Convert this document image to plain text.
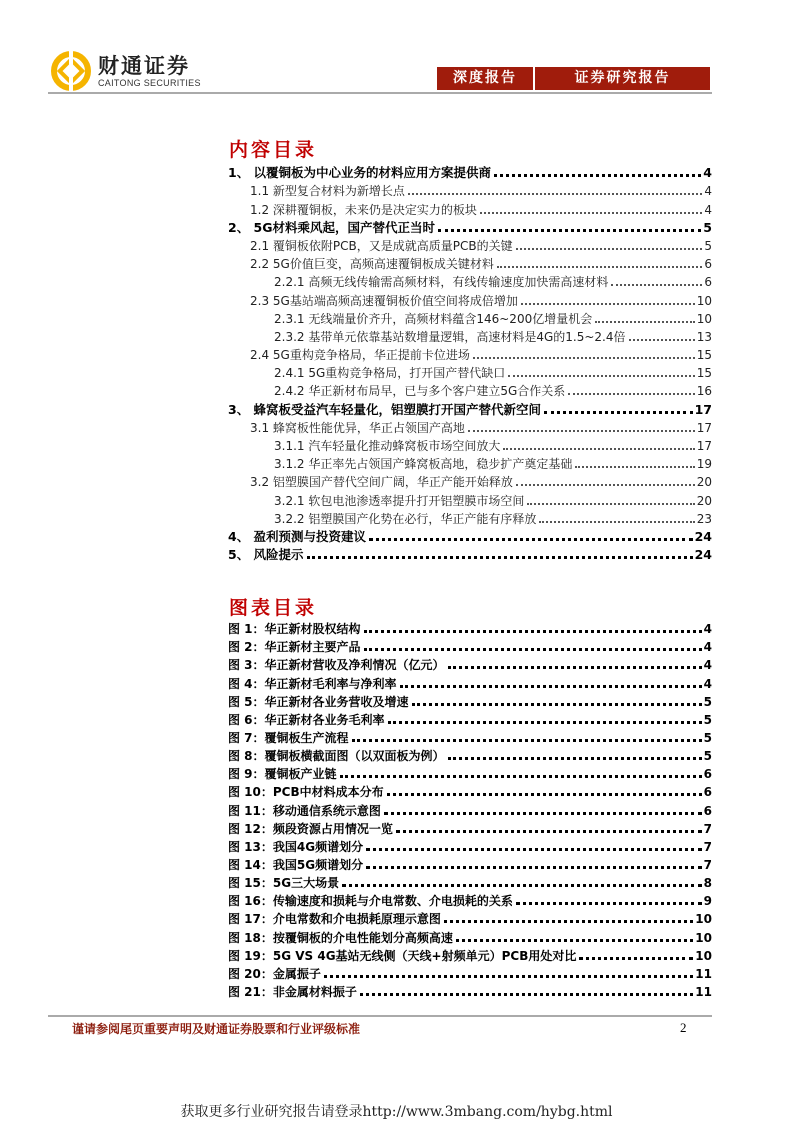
财通证券
CAITONG SECURITIES	深度报告	证券研究报告
内容目录
1、 以覆铜板为中心业务的材料应用方案提供商	4
1.1 新型复合材料为新增长点	4
1.2 深耕覆铜板，未来仍是决定实力的板块	4
2、 5G材料乘风起，国产替代正当时	5
2.1 覆铜板依附PCB，又是成就高质量PCB的关键	5
2.2 5G价值巨变，高频高速覆铜板成关键材料	6
2.2.1 高频无线传输需高频材料，有线传输速度加快需高速材料	6
2.3 5G基站端高频高速覆铜板价值空间将成倍增加	10
2.3.1 无线端量价齐升，高频材料蕴含146~200亿增量机会	10
2.3.2 基带单元依靠基站数增量逻辑，高速材料是4G的1.5~2.4倍	13
2.4 5G重构竞争格局，华正提前卡位进场	15
2.4.1 5G重构竞争格局，打开国产替代缺口	15
2.4.2 华正新材布局早，已与多个客户建立5G合作关系	16
3、 蜂窝板受益汽车轻量化，铝塑膜打开国产替代新空间	17
3.1 蜂窝板性能优异，华正占领国产高地	17
3.1.1 汽车轻量化推动蜂窝板市场空间放大	17
3.1.2 华正率先占领国产蜂窝板高地，稳步扩产奠定基础	19
3.2 铝塑膜国产替代空间广阔，华正产能开始释放	20
3.2.1 软包电池渗透率提升打开铝塑膜市场空间	20
3.2.2 铝塑膜国产化势在必行，华正产能有序释放	23
4、 盈利预测与投资建议	24
5、 风险提示	24
图表目录
图 1：华正新材股权结构	4
图 2：华正新材主要产品	4
图 3：华正新材营收及净利情况（亿元）	4
图 4：华正新材毛利率与净利率	4
图 5：华正新材各业务营收及增速	5
图 6：华正新材各业务毛利率	5
图 7：覆铜板生产流程	5
图 8：覆铜板横截面图（以双面板为例）	5
图 9：覆铜板产业链	6
图 10：PCB中材料成本分布	6
图 11：移动通信系统示意图	6
图 12：频段资源占用情况一览	7
图 13：我国4G频谱划分	7
图 14：我国5G频谱划分	7
图 15：5G三大场景	8
图 16：传输速度和损耗与介电常数、介电损耗的关系	9
图 17：介电常数和介电损耗原理示意图	10
图 18：按覆铜板的介电性能划分高频高速	10
图 19：5G VS 4G基站无线侧（天线+射频单元）PCB用处对比	10
图 20：金属振子	11
图 21：非金属材料振子	11
谨请参阅尾页重要声明及财通证券股票和行业评级标准	2
获取更多行业研究报告请登录http://www.3mbang.com/hybg.html
